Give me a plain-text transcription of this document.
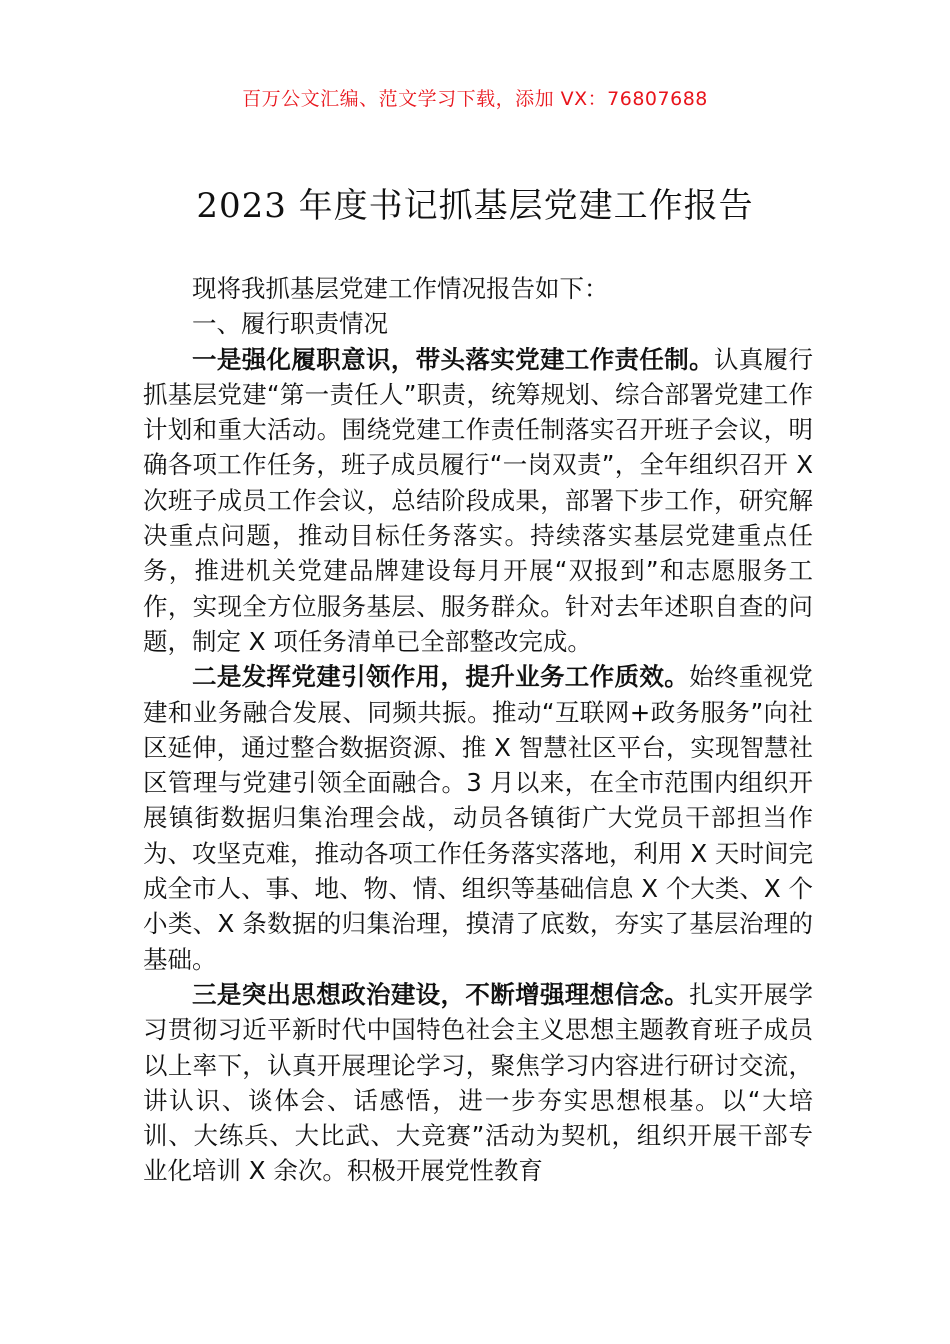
百万公文汇编、范文学习下载，添加 VX：76807688
2023 年度书记抓基层党建工作报告

现将我抓基层党建工作情况报告如下：

一、履行职责情况

一是强化履职意识，带头落实党建工作责任制。认真履行抓基层党建“第一责任人”职责，统筹规划、综合部署党建工作计划和重大活动。围绕党建工作责任制落实召开班子会议，明确各项工作任务，班子成员履行“一岗双责”，全年组织召开 X 次班子成员工作会议，总结阶段成果，部署下步工作，研究解决重点问题，推动目标任务落实。持续落实基层党建重点任务，推进机关党建品牌建设每月开展“双报到”和志愿服务工作，实现全方位服务基层、服务群众。针对去年述职自查的问题，制定 X 项任务清单已全部整改完成。

二是发挥党建引领作用，提升业务工作质效。始终重视党建和业务融合发展、同频共振。推动“互联网+政务服务”向社区延伸，通过整合数据资源、推 X 智慧社区平台，实现智慧社区管理与党建引领全面融合。3 月以来，在全市范围内组织开展镇街数据归集治理会战，动员各镇街广大党员干部担当作为、攻坚克难，推动各项工作任务落实落地，利用 X 天时间完成全市人、事、地、物、情、组织等基础信息 X 个大类、X 个小类、X 条数据的归集治理，摸清了底数，夯实了基层治理的基础。

三是突出思想政治建设，不断增强理想信念。扎实开展学习贯彻习近平新时代中国特色社会主义思想主题教育班子成员以上率下，认真开展理论学习，聚焦学习内容进行研讨交流，讲认识、谈体会、话感悟，进一步夯实思想根基。以“大培训、大练兵、大比武、大竞赛”活动为契机，组织开展干部专业化培训 X 余次。积极开展党性教育
